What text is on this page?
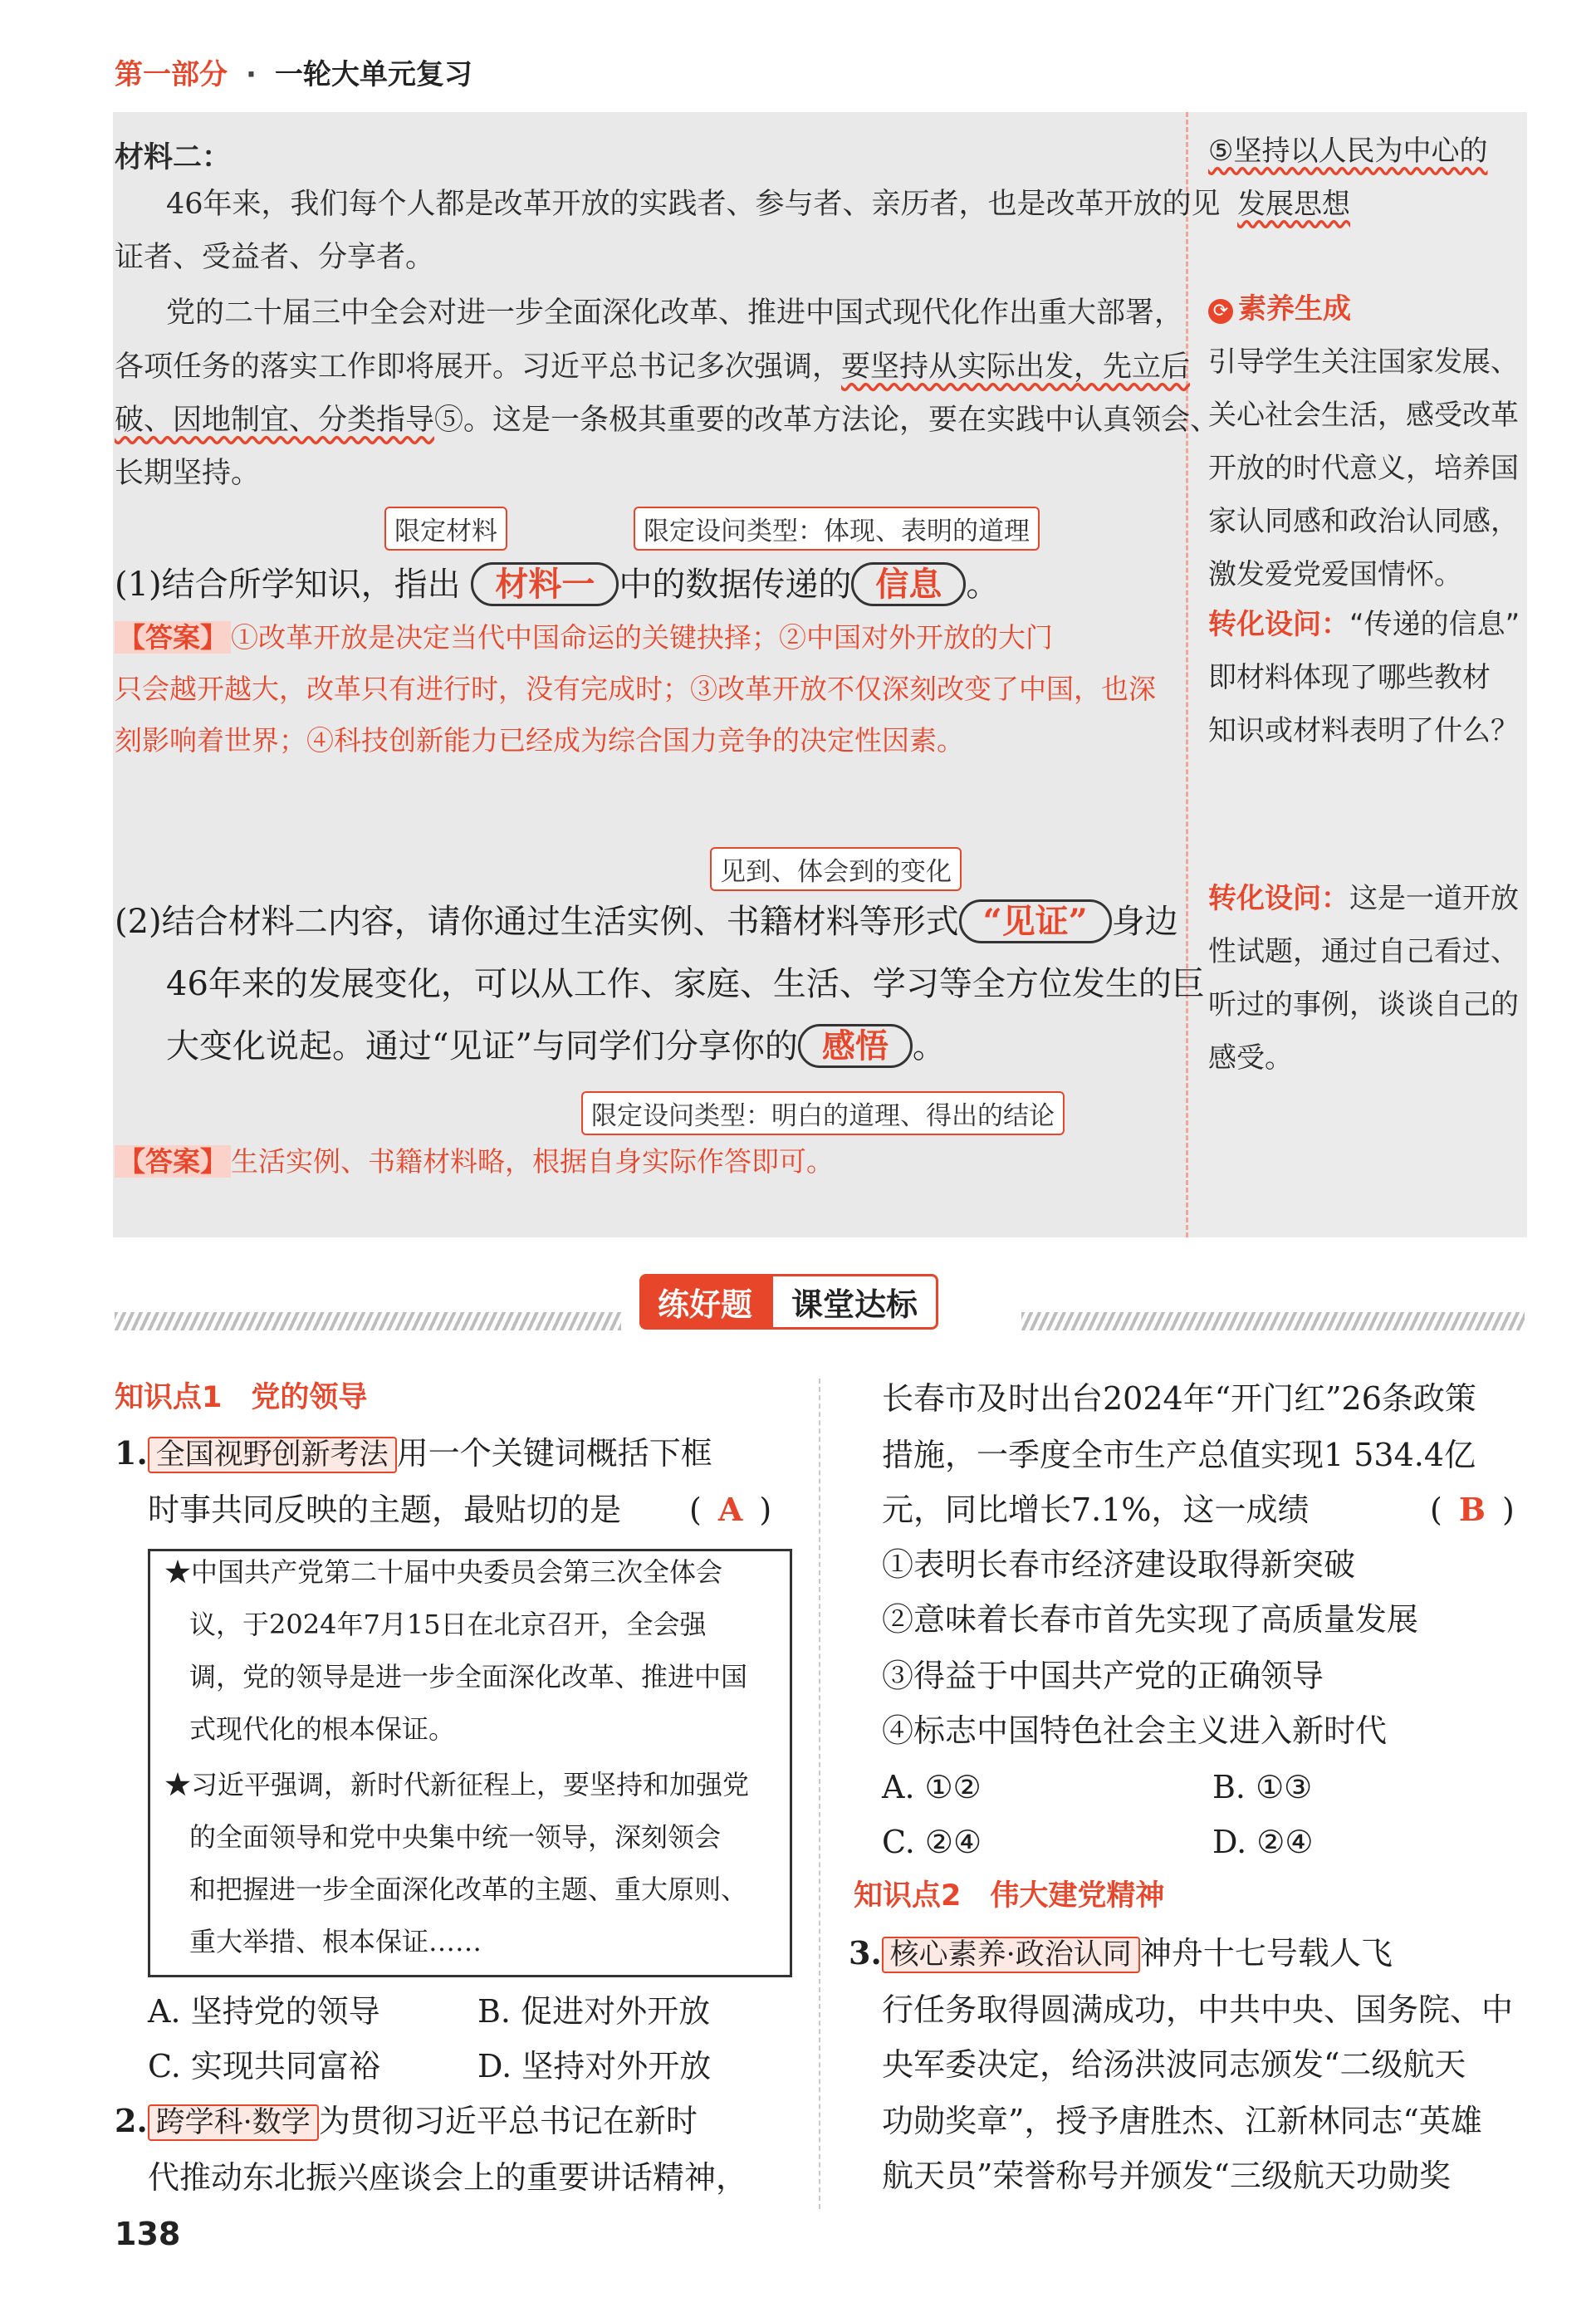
第一部分 · 一轮大单元复习
材料二：
46年来，我们每个人都是改革开放的实践者、参与者、亲历者，也是改革开放的见
证者、受益者、分享者。
党的二十届三中全会对进一步全面深化改革、推进中国式现代化作出重大部署，
各项任务的落实工作即将展开。习近平总书记多次强调，要坚持从实际出发，先立后
破、因地制宜、分类指导⑤。这是一条极其重要的改革方法论，要在实践中认真领会、
长期坚持。
限定材料	限定设问类型：体现、表明的道理
(1)结合所学知识，指出 材料一 中的数据传递的 信息 。
【答案】 ①改革开放是决定当代中国命运的关键抉择；②中国对外开放的大门
只会越开越大，改革只有进行时，没有完成时；③改革开放不仅深刻改变了中国，也深
刻影响着世界；④科技创新能力已经成为综合国力竞争的决定性因素。
见到、体会到的变化
(2)结合材料二内容，请你通过生活实例、书籍材料等形式 “见证” 身边
46年来的发展变化，可以从工作、家庭、生活、学习等全方位发生的巨
大变化说起。通过“见证”与同学们分享你的 感悟 。
限定设问类型：明白的道理、得出的结论
【答案】 生活实例、书籍材料略，根据自身实际作答即可。
⑤坚持以人民为中心的
发展思想
⟳ 素养生成
引导学生关注国家发展、
关心社会生活，感受改革
开放的时代意义，培养国
家认同感和政治认同感，
激发爱党爱国情怀。
转化设问：“传递的信息”
即材料体现了哪些教材
知识或材料表明了什么？
转化设问：这是一道开放
性试题，通过自己看过、
听过的事例，谈谈自己的
感受。
练好题 课堂达标
知识点1　党的领导
1. 全国视野创新考法 用一个关键词概括下框
时事共同反映的主题，最贴切的是 ( A )
★中国共产党第二十届中央委员会第三次全体会
议，于2024年7月15日在北京召开，全会强
调，党的领导是进一步全面深化改革、推进中国
式现代化的根本保证。
★习近平强调，新时代新征程上，要坚持和加强党
的全面领导和党中央集中统一领导，深刻领会
和把握进一步全面深化改革的主题、重大原则、
重大举措、根本保证……
A. 坚持党的领导	B. 促进对外开放
C. 实现共同富裕	D. 坚持对外开放
2. 跨学科·数学 为贯彻习近平总书记在新时
代推动东北振兴座谈会上的重要讲话精神，
长春市及时出台2024年“开门红”26条政策
措施，一季度全市生产总值实现1 534.4亿
元，同比增长7.1%，这一成绩	( B )
①表明长春市经济建设取得新突破
②意味着长春市首先实现了高质量发展
③得益于中国共产党的正确领导
④标志中国特色社会主义进入新时代
A. ①②	B. ①③
C. ②④	D. ②④
知识点2　伟大建党精神
3. 核心素养·政治认同 神舟十七号载人飞
行任务取得圆满成功，中共中央、国务院、中
央军委决定，给汤洪波同志颁发“二级航天
功勋奖章”，授予唐胜杰、江新林同志“英雄
航天员”荣誉称号并颁发“三级航天功勋奖
138
